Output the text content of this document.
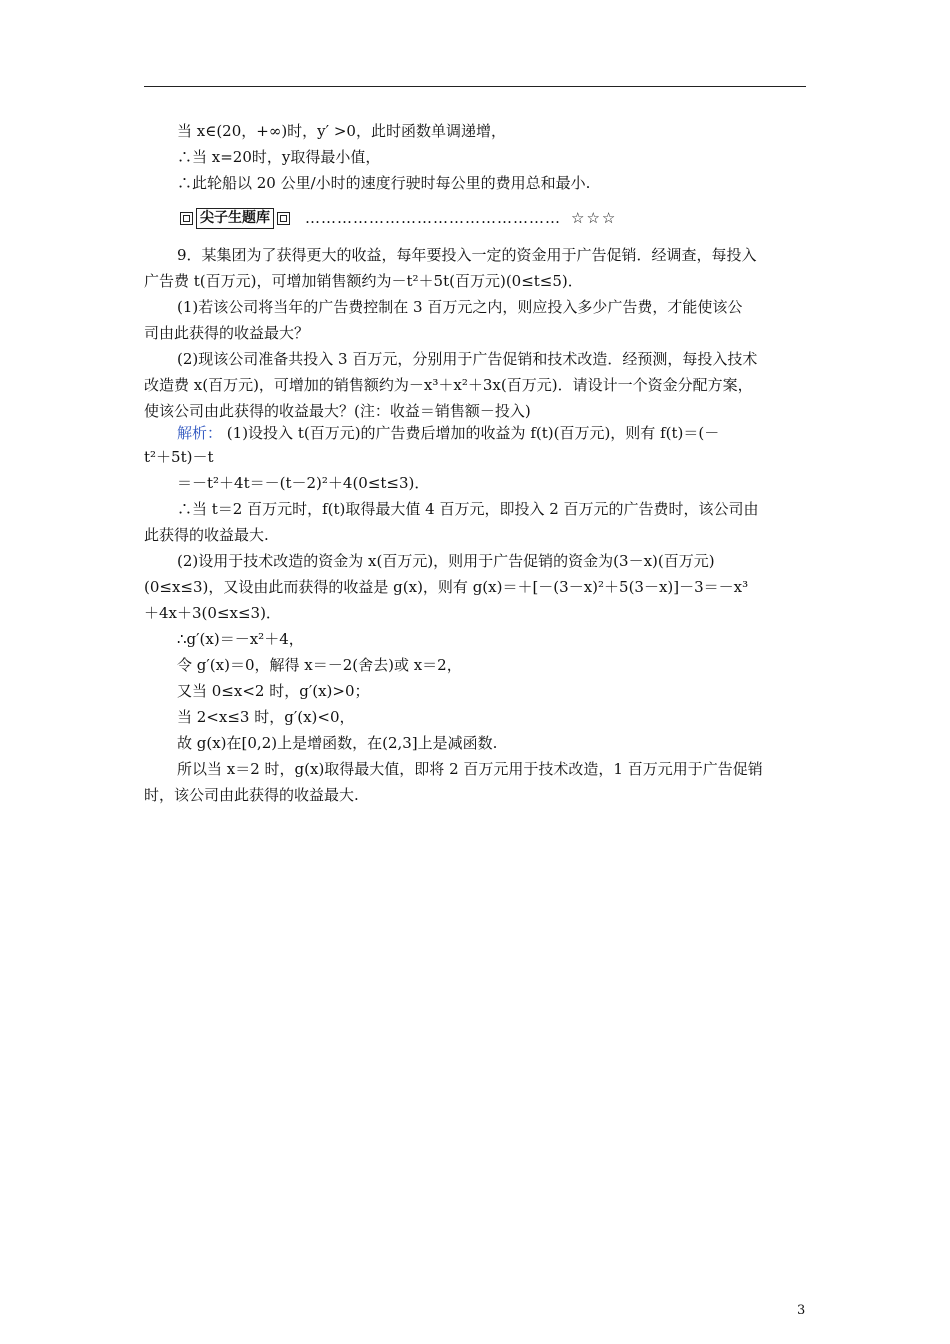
当 x∈(20，+∞)时，y′ >0，此时函数单调递增，
∴当 x=20时，y取得最小值，
∴此轮船以 20 公里/小时的速度行驶时每公里的费用总和最小.
尖子生题库 ………………………………………… ☆☆☆
9．某集团为了获得更大的收益，每年要投入一定的资金用于广告促销．经调查，每投入
广告费 t(百万元)，可增加销售额约为－t²＋5t(百万元)(0≤t≤5)．
(1)若该公司将当年的广告费控制在 3 百万元之内，则应投入多少广告费，才能使该公
司由此获得的收益最大？
(2)现该公司准备共投入 3 百万元，分别用于广告促销和技术改造．经预测，每投入技术
改造费 x(百万元)，可增加的销售额约为－x³＋x²＋3x(百万元)．请设计一个资金分配方案，
使该公司由此获得的收益最大？(注：收益＝销售额－投入)
解析： (1)设投入 t(百万元)的广告费后增加的收益为 f(t)(百万元)，则有 f(t)＝(－
t²＋5t)－t
＝－t²＋4t＝－(t－2)²＋4(0≤t≤3)．
∴当 t＝2 百万元时，f(t)取得最大值 4 百万元，即投入 2 百万元的广告费时，该公司由
此获得的收益最大.
(2)设用于技术改造的资金为 x(百万元)，则用于广告促销的资金为(3－x)(百万元)
(0≤x≤3)，又设由此而获得的收益是 g(x)，则有 g(x)＝＋[－(3－x)²＋5(3－x)]－3＝－x³
＋4x＋3(0≤x≤3)．
∴g′(x)＝－x²＋4，
令 g′(x)＝0，解得 x＝－2(舍去)或 x＝2，
又当 0≤x<2 时，g′(x)>0；
当 2<x≤3 时，g′(x)<0，
故 g(x)在[0,2)上是增函数，在(2,3]上是减函数.
所以当 x＝2 时，g(x)取得最大值，即将 2 百万元用于技术改造，1 百万元用于广告促销
时，该公司由此获得的收益最大.
3
